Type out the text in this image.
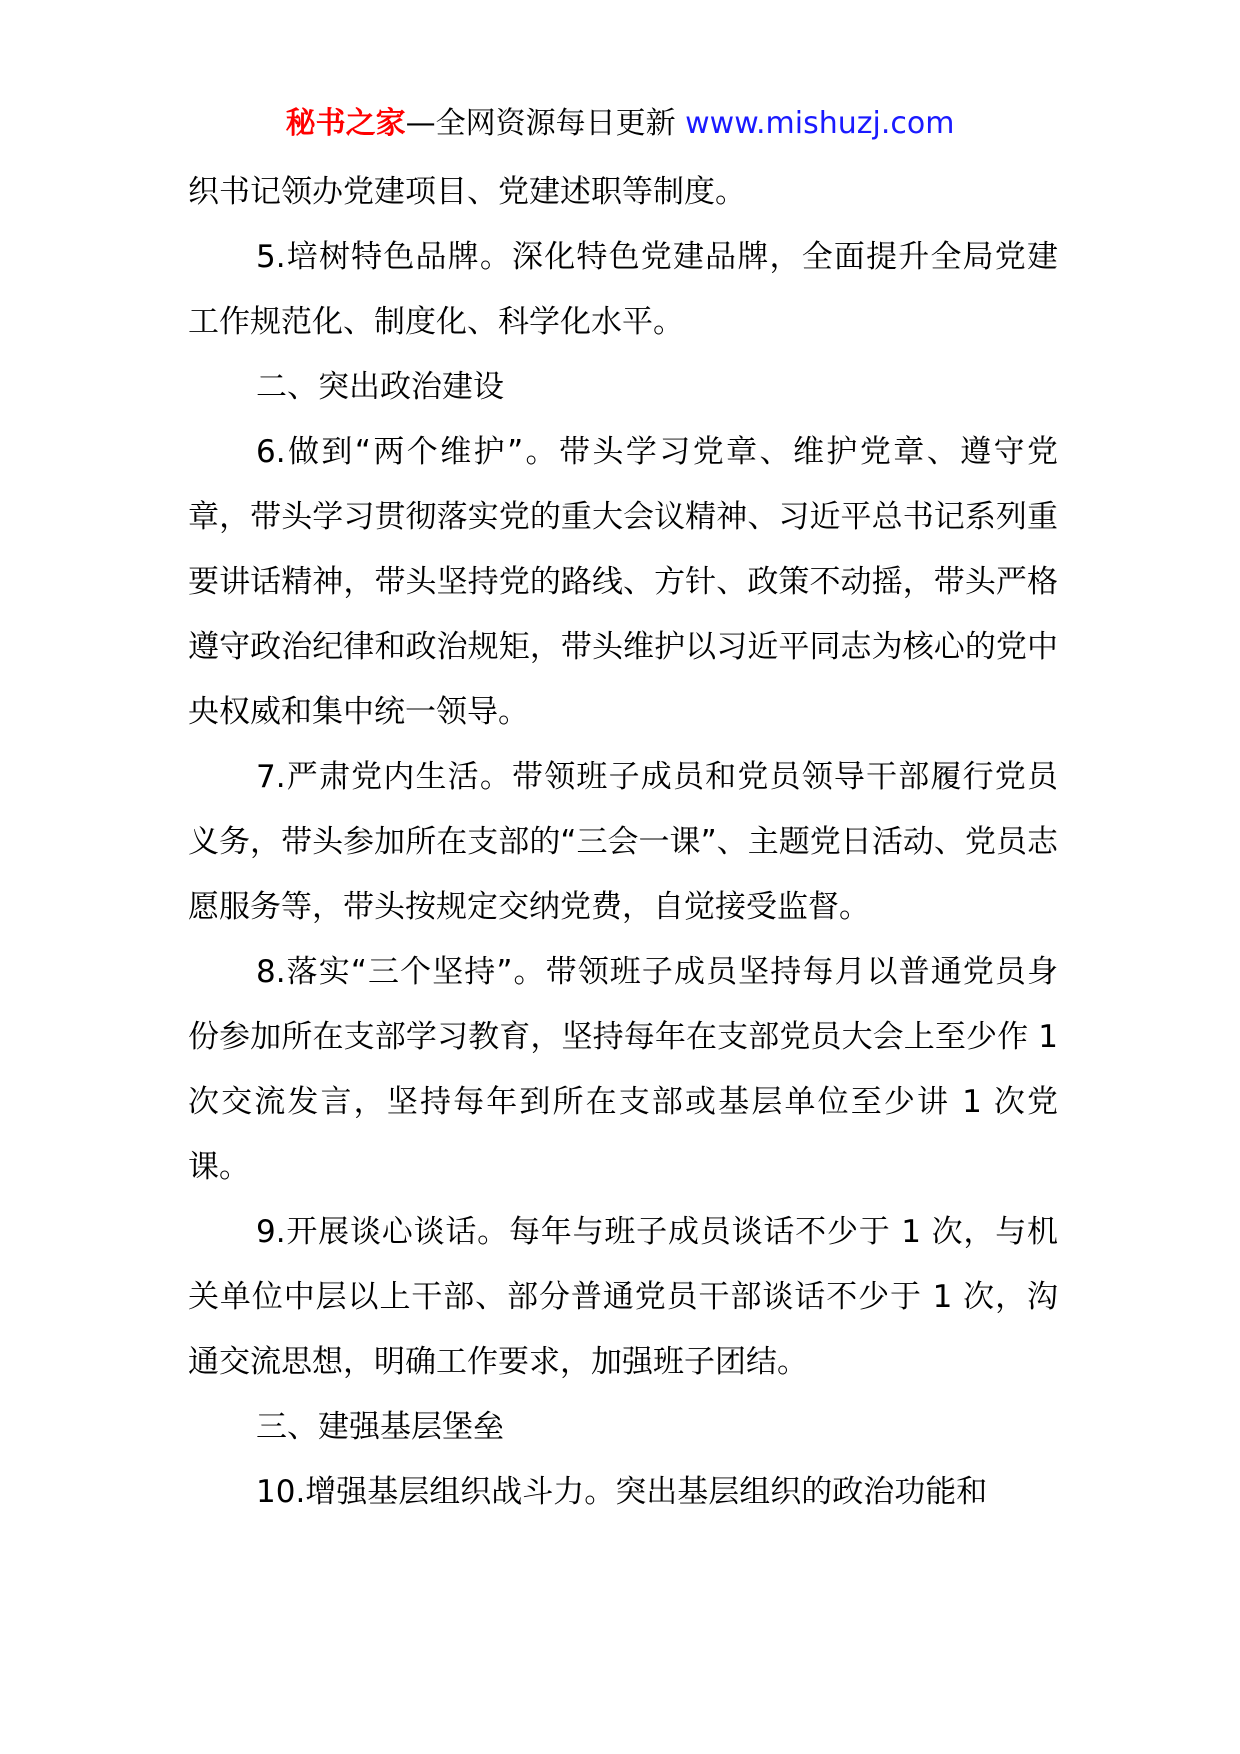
秘书之家—全网资源每日更新 www.mishuzj.com

织书记领办党建项目、党建述职等制度。

5.培树特色品牌。深化特色党建品牌，全面提升全局党建工作规范化、制度化、科学化水平。

二、突出政治建设

6.做到“两个维护”。带头学习党章、维护党章、遵守党章，带头学习贯彻落实党的重大会议精神、习近平总书记系列重要讲话精神，带头坚持党的路线、方针、政策不动摇，带头严格遵守政治纪律和政治规矩，带头维护以习近平同志为核心的党中央权威和集中统一领导。

7.严肃党内生活。带领班子成员和党员领导干部履行党员义务，带头参加所在支部的“三会一课”、主题党日活动、党员志愿服务等，带头按规定交纳党费，自觉接受监督。

8.落实“三个坚持”。带领班子成员坚持每月以普通党员身份参加所在支部学习教育，坚持每年在支部党员大会上至少作 1 次交流发言，坚持每年到所在支部或基层单位至少讲 1 次党课。

9.开展谈心谈话。每年与班子成员谈话不少于 1 次，与机关单位中层以上干部、部分普通党员干部谈话不少于 1 次，沟通交流思想，明确工作要求，加强班子团结。

三、建强基层堡垒

10.增强基层组织战斗力。突出基层组织的政治功能和
